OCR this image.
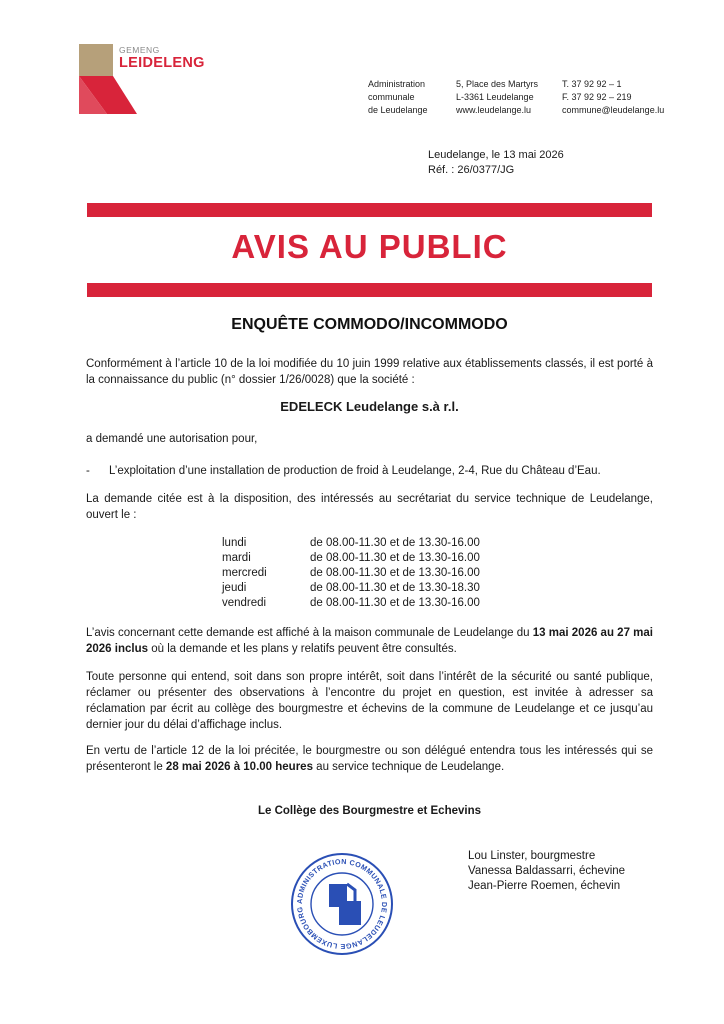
GEMENG
LEIDELENG
Administration
communale
de Leudelange
5, Place des Martyrs
L-3361 Leudelange
www.leudelange.lu
T. 37 92 92 – 1
F. 37 92 92 – 219
commune@leudelange.lu
Leudelange, le 13 mai 2026
Réf. : 26/0377/JG
AVIS AU PUBLIC
ENQUÊTE COMMODO/INCOMMODO
Conformément à l’article 10 de la loi modifiée du 10 juin 1999 relative aux établissements classés, il est porté à la connaissance du public (n° dossier 1/26/0028) que la société :
EDELECK Leudelange s.à r.l.
a demandé une autorisation pour,
- L’exploitation d’une installation de production de froid à Leudelange, 2-4, Rue du Château d’Eau.
La demande citée est à la disposition, des intéressés au secrétariat du service technique de Leudelange, ouvert le :
lundi	de 08.00-11.30 et de 13.30-16.00
mardi	de 08.00-11.30 et de 13.30-16.00
mercredi	de 08.00-11.30 et de 13.30-16.00
jeudi	de 08.00-11.30 et de 13.30-18.30
vendredi	de 08.00-11.30 et de 13.30-16.00
L’avis concernant cette demande est affiché à la maison communale de Leudelange du 13 mai 2026 au 27 mai 2026 inclus où la demande et les plans y relatifs peuvent être consultés.
Toute personne qui entend, soit dans son propre intérêt, soit dans l’intérêt de la sécurité ou santé publique, réclamer ou présenter des observations à l’encontre du projet en question, est invitée à adresser sa réclamation par écrit au collège des bourgmestre et échevins de la commune de Leudelange et ce jusqu’au dernier jour du délai d’affichage inclus.
En vertu de l’article 12 de la loi précitée, le bourgmestre ou son délégué entendra tous les intéressés qui se présenteront le 28 mai 2026 à 10.00 heures au service technique de Leudelange.
Le Collège des Bourgmestre et Echevins
ADMINISTRATION COMMUNALE DE LEUDELANGE LUXEMBOURG
Lou Linster, bourgmestre
Vanessa Baldassarri, échevine
Jean-Pierre Roemen, échevin
